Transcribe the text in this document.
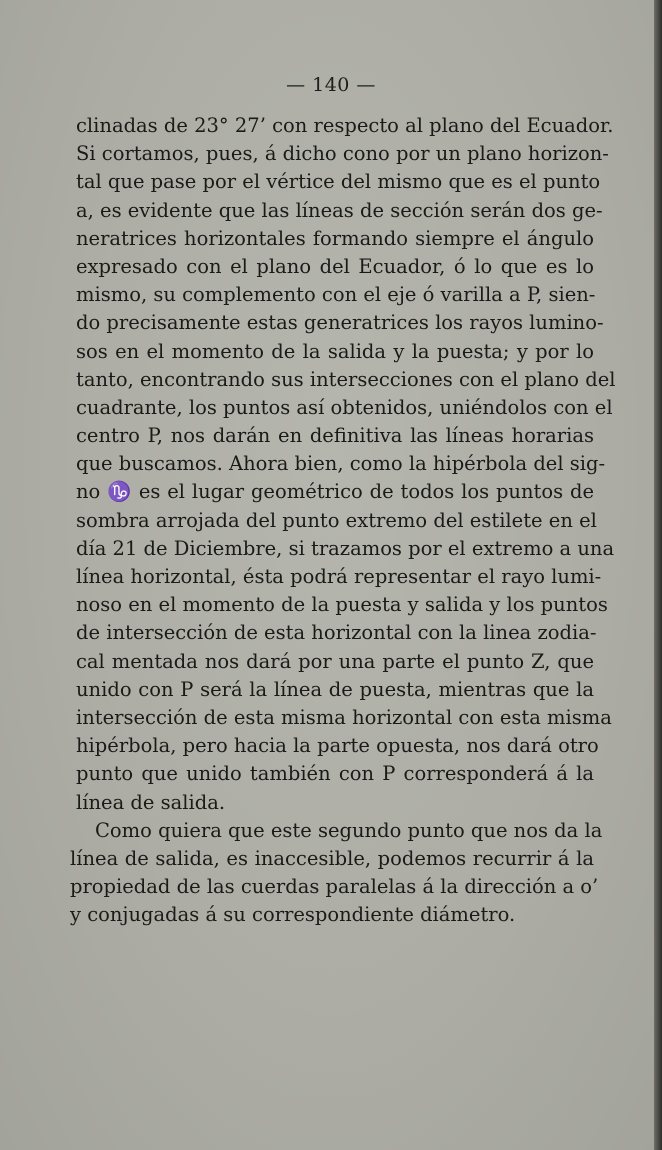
— 140 —
clinadas de 23° 27’ con respecto al plano del Ecuador.
Si cortamos, pues, á dicho cono por un plano horizon-
tal que pase por el vértice del mismo que es el punto
a, es evidente que las líneas de sección serán dos ge-
neratrices horizontales formando siempre el ángulo
expresado con el plano del Ecuador, ó lo que es lo
mismo, su complemento con el eje ó varilla a P, sien-
do precisamente estas generatrices los rayos lumino-
sos en el momento de la salida y la puesta; y por lo
tanto, encontrando sus intersecciones con el plano del
cuadrante, los puntos así obtenidos, uniéndolos con el
centro P, nos darán en definitiva las líneas horarias
que buscamos. Ahora bien, como la hipérbola del sig-
no ♑ es el lugar geométrico de todos los puntos de
sombra arrojada del punto extremo del estilete en el
día 21 de Diciembre, si trazamos por el extremo a una
línea horizontal, ésta podrá representar el rayo lumi-
noso en el momento de la puesta y salida y los puntos
de intersección de esta horizontal con la linea zodia-
cal mentada nos dará por una parte el punto Z, que
unido con P será la línea de puesta, mientras que la
intersección de esta misma horizontal con esta misma
hipérbola, pero hacia la parte opuesta, nos dará otro
punto que unido también con P corresponderá á la
línea de salida.
Como quiera que este segundo punto que nos da la
línea de salida, es inaccesible, podemos recurrir á la
propiedad de las cuerdas paralelas á la dirección a o’
y conjugadas á su correspondiente diámetro.
